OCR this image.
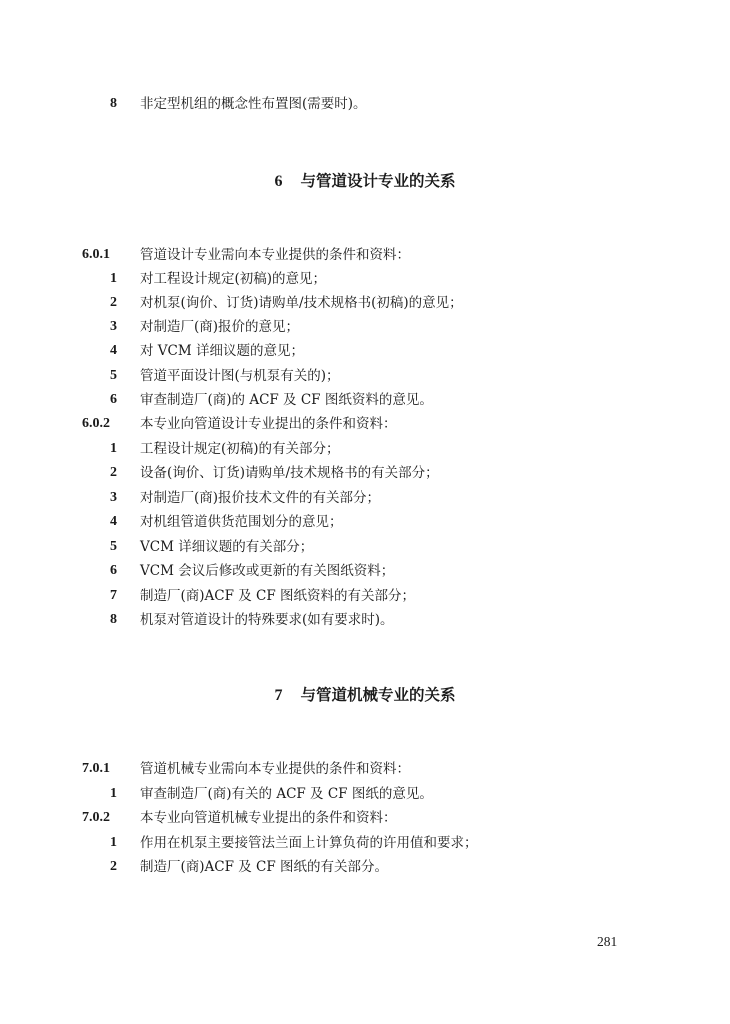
8	非定型机组的概念性布置图(需要时)。
6 与管道设计专业的关系
6.0.1	管道设计专业需向本专业提供的条件和资料：
1	对工程设计规定(初稿)的意见；
2	对机泵(询价、订货)请购单/技术规格书(初稿)的意见；
3	对制造厂(商)报价的意见；
4	对 VCM 详细议题的意见；
5	管道平面设计图(与机泵有关的)；
6	审查制造厂(商)的 ACF 及 CF 图纸资料的意见。
6.0.2	本专业向管道设计专业提出的条件和资料：
1	工程设计规定(初稿)的有关部分；
2	设备(询价、订货)请购单/技术规格书的有关部分；
3	对制造厂(商)报价技术文件的有关部分；
4	对机组管道供货范围划分的意见；
5	VCM 详细议题的有关部分；
6	VCM 会议后修改或更新的有关图纸资料；
7	制造厂(商)ACF 及 CF 图纸资料的有关部分；
8	机泵对管道设计的特殊要求(如有要求时)。
7 与管道机械专业的关系
7.0.1	管道机械专业需向本专业提供的条件和资料：
1	审查制造厂(商)有关的 ACF 及 CF 图纸的意见。
7.0.2	本专业向管道机械专业提出的条件和资料：
1	作用在机泵主要接管法兰面上计算负荷的许用值和要求；
2	制造厂(商)ACF 及 CF 图纸的有关部分。
281
